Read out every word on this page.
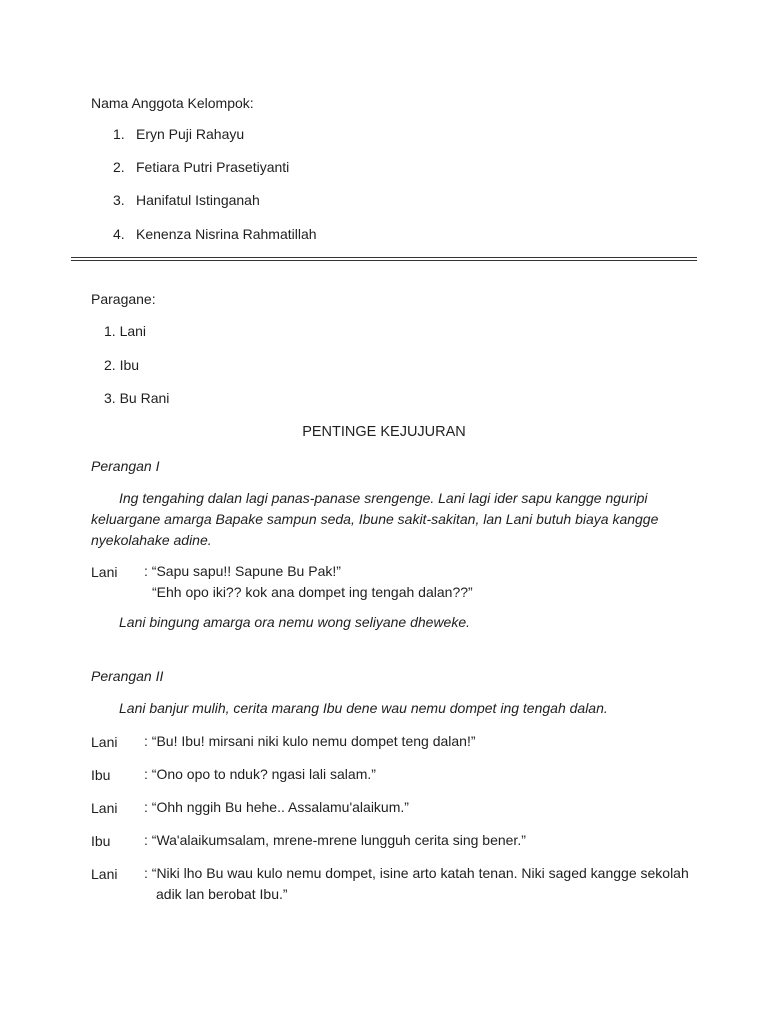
Nama Anggota Kelompok:
1. Eryn Puji Rahayu
2. Fetiara Putri Prasetiyanti
3. Hanifatul Istinganah
4. Kenenza Nisrina Rahmatillah
Paragane:
1. Lani
2. Ibu
3. Bu Rani
PENTINGE KEJUJURAN
Perangan I
Ing tengahing dalan lagi panas-panase srengenge. Lani lagi ider sapu kangge nguripi
keluargane amarga Bapake sampun seda, Ibune sakit-sakitan, lan Lani butuh biaya kangge
nyekolahake adine.
Lani : “Sapu sapu!! Sapune Bu Pak!”
“Ehh opo iki?? kok ana dompet ing tengah dalan??”
Lani bingung amarga ora nemu wong seliyane dheweke.
Perangan II
Lani banjur mulih, cerita marang Ibu dene wau nemu dompet ing tengah dalan.
Lani : “Bu! Ibu! mirsani niki kulo nemu dompet teng dalan!”
Ibu : “Ono opo to nduk? ngasi lali salam.”
Lani : “Ohh nggih Bu hehe.. Assalamu'alaikum.”
Ibu : “Wa'alaikumsalam, mrene-mrene lungguh cerita sing bener.”
Lani : “Niki lho Bu wau kulo nemu dompet, isine arto katah tenan. Niki saged kangge sekolah
adik lan berobat Ibu.”
